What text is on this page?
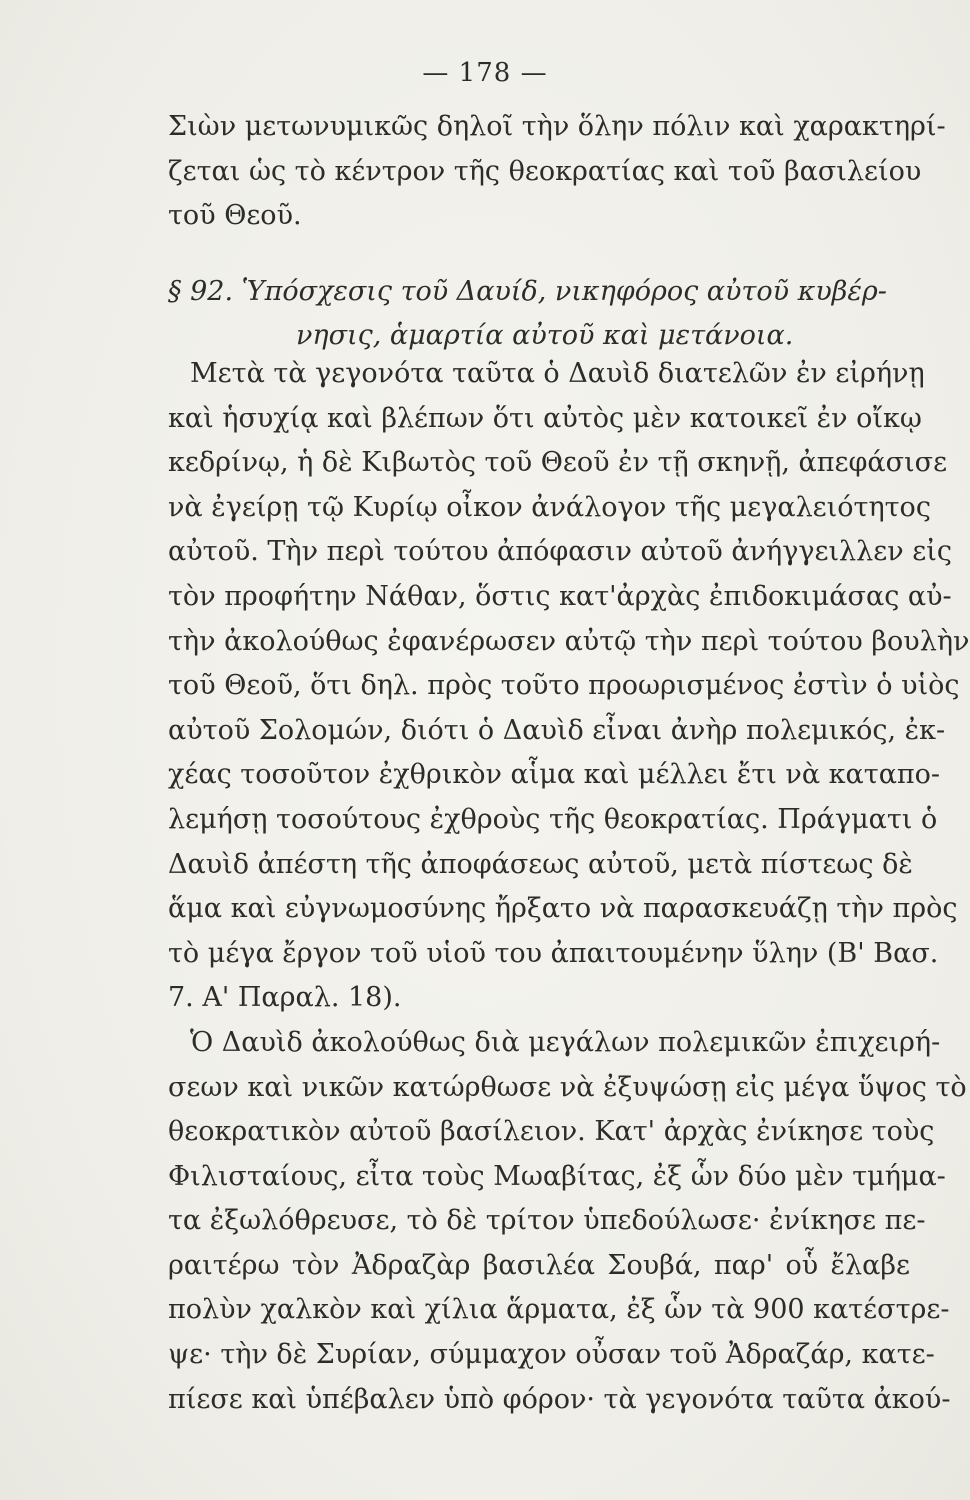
— 178 —
Σιὼν μετωνυμικῶς δηλοῖ τὴν ὅλην πόλιν καὶ χαρακτηρί-
ζεται ὡς τὸ κέντρον τῆς θεοκρατίας καὶ τοῦ βασιλείου
τοῦ Θεοῦ.
§ 92. Ὑπόσχεσις τοῦ Δαυίδ, νικηφόρος αὐτοῦ κυβέρ-
νησις, ἁμαρτία αὐτοῦ καὶ μετάνοια.
Μετὰ τὰ γεγονότα ταῦτα ὁ Δαυὶδ διατελῶν ἐν εἰρήνῃ
καὶ ἡσυχίᾳ καὶ βλέπων ὅτι αὐτὸς μὲν κατοικεῖ ἐν οἴκῳ
κεδρίνῳ, ἡ δὲ Κιβωτὸς τοῦ Θεοῦ ἐν τῇ σκηνῇ, ἀπεφάσισε
νὰ ἐγείρῃ τῷ Κυρίῳ οἶκον ἀνάλογον τῆς μεγαλειότητος
αὐτοῦ. Τὴν περὶ τούτου ἀπόφασιν αὐτοῦ ἀνήγγειλλεν εἰς
τὸν προφήτην Νάθαν, ὅστις κατ'ἀρχὰς ἐπιδοκιμάσας αὐ-
τὴν ἀκολούθως ἐφανέρωσεν αὐτῷ τὴν περὶ τούτου βουλὴν
τοῦ Θεοῦ, ὅτι δηλ. πρὸς τοῦτο προωρισμένος ἐστὶν ὁ υἱὸς
αὐτοῦ Σολομών, διότι ὁ Δαυὶδ εἶναι ἀνὴρ πολεμικός, ἐκ-
χέας τοσοῦτον ἐχθρικὸν αἷμα καὶ μέλλει ἔτι νὰ καταπο-
λεμήσῃ τοσούτους ἐχθροὺς τῆς θεοκρατίας. Πράγματι ὁ
Δαυὶδ ἀπέστη τῆς ἀποφάσεως αὐτοῦ, μετὰ πίστεως δὲ
ἅμα καὶ εὐγνωμοσύνης ἤρξατο νὰ παρασκευάζῃ τὴν πρὸς
τὸ μέγα ἔργον τοῦ υἱοῦ του ἀπαιτουμένην ὕλην (Β' Βασ.
7. Α' Παραλ. 18).
Ὁ Δαυὶδ ἀκολούθως διὰ μεγάλων πολεμικῶν ἐπιχειρή-
σεων καὶ νικῶν κατώρθωσε νὰ ἐξυψώσῃ εἰς μέγα ὕψος τὸ
θεοκρατικὸν αὐτοῦ βασίλειον. Κατ' ἀρχὰς ἐνίκησε τοὺς
Φιλισταίους, εἶτα τοὺς Μωαβίτας, ἐξ ὧν δύο μὲν τμήμα-
τα ἐξωλόθρευσε, τὸ δὲ τρίτον ὑπεδούλωσε· ἐνίκησε πε-
ραιτέρω τὸν Ἀδραζὰρ βασιλέα Σουβά, παρ' οὗ ἔλαβε
πολὺν χαλκὸν καὶ χίλια ἅρματα, ἐξ ὧν τὰ 900 κατέστρε-
ψε· τὴν δὲ Συρίαν, σύμμαχον οὖσαν τοῦ Ἀδραζάρ, κατε-
πίεσε καὶ ὑπέβαλεν ὑπὸ φόρον· τὰ γεγονότα ταῦτα ἀκού-
